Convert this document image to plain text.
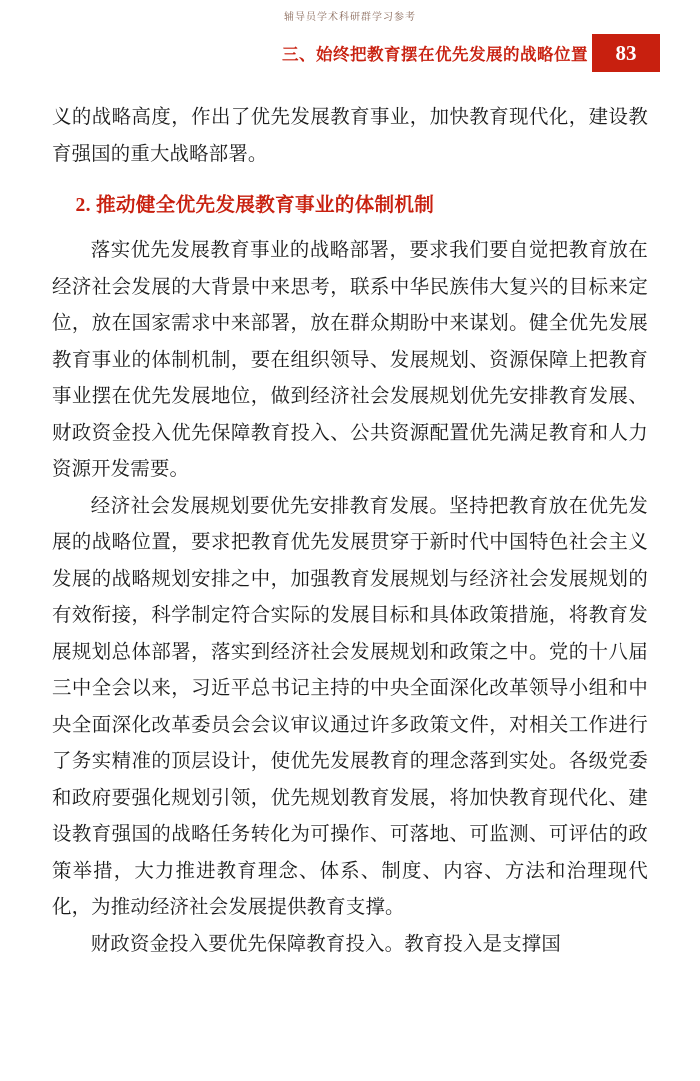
辅导员学术科研群学习参考
三、始终把教育摆在优先发展的战略位置	83

义的战略高度，作出了优先发展教育事业，加快教育现代化，建设教育强国的重大战略部署。

2. 推动健全优先发展教育事业的体制机制

落实优先发展教育事业的战略部署，要求我们要自觉把教育放在经济社会发展的大背景中来思考，联系中华民族伟大复兴的目标来定位，放在国家需求中来部署，放在群众期盼中来谋划。健全优先发展教育事业的体制机制，要在组织领导、发展规划、资源保障上把教育事业摆在优先发展地位，做到经济社会发展规划优先安排教育发展、财政资金投入优先保障教育投入、公共资源配置优先满足教育和人力资源开发需要。

经济社会发展规划要优先安排教育发展。坚持把教育放在优先发展的战略位置，要求把教育优先发展贯穿于新时代中国特色社会主义发展的战略规划安排之中，加强教育发展规划与经济社会发展规划的有效衔接，科学制定符合实际的发展目标和具体政策措施，将教育发展规划总体部署，落实到经济社会发展规划和政策之中。党的十八届三中全会以来，习近平总书记主持的中央全面深化改革领导小组和中央全面深化改革委员会会议审议通过许多政策文件，对相关工作进行了务实精准的顶层设计，使优先发展教育的理念落到实处。各级党委和政府要强化规划引领，优先规划教育发展，将加快教育现代化、建设教育强国的战略任务转化为可操作、可落地、可监测、可评估的政策举措，大力推进教育理念、体系、制度、内容、方法和治理现代化，为推动经济社会发展提供教育支撑。

财政资金投入要优先保障教育投入。教育投入是支撑国
